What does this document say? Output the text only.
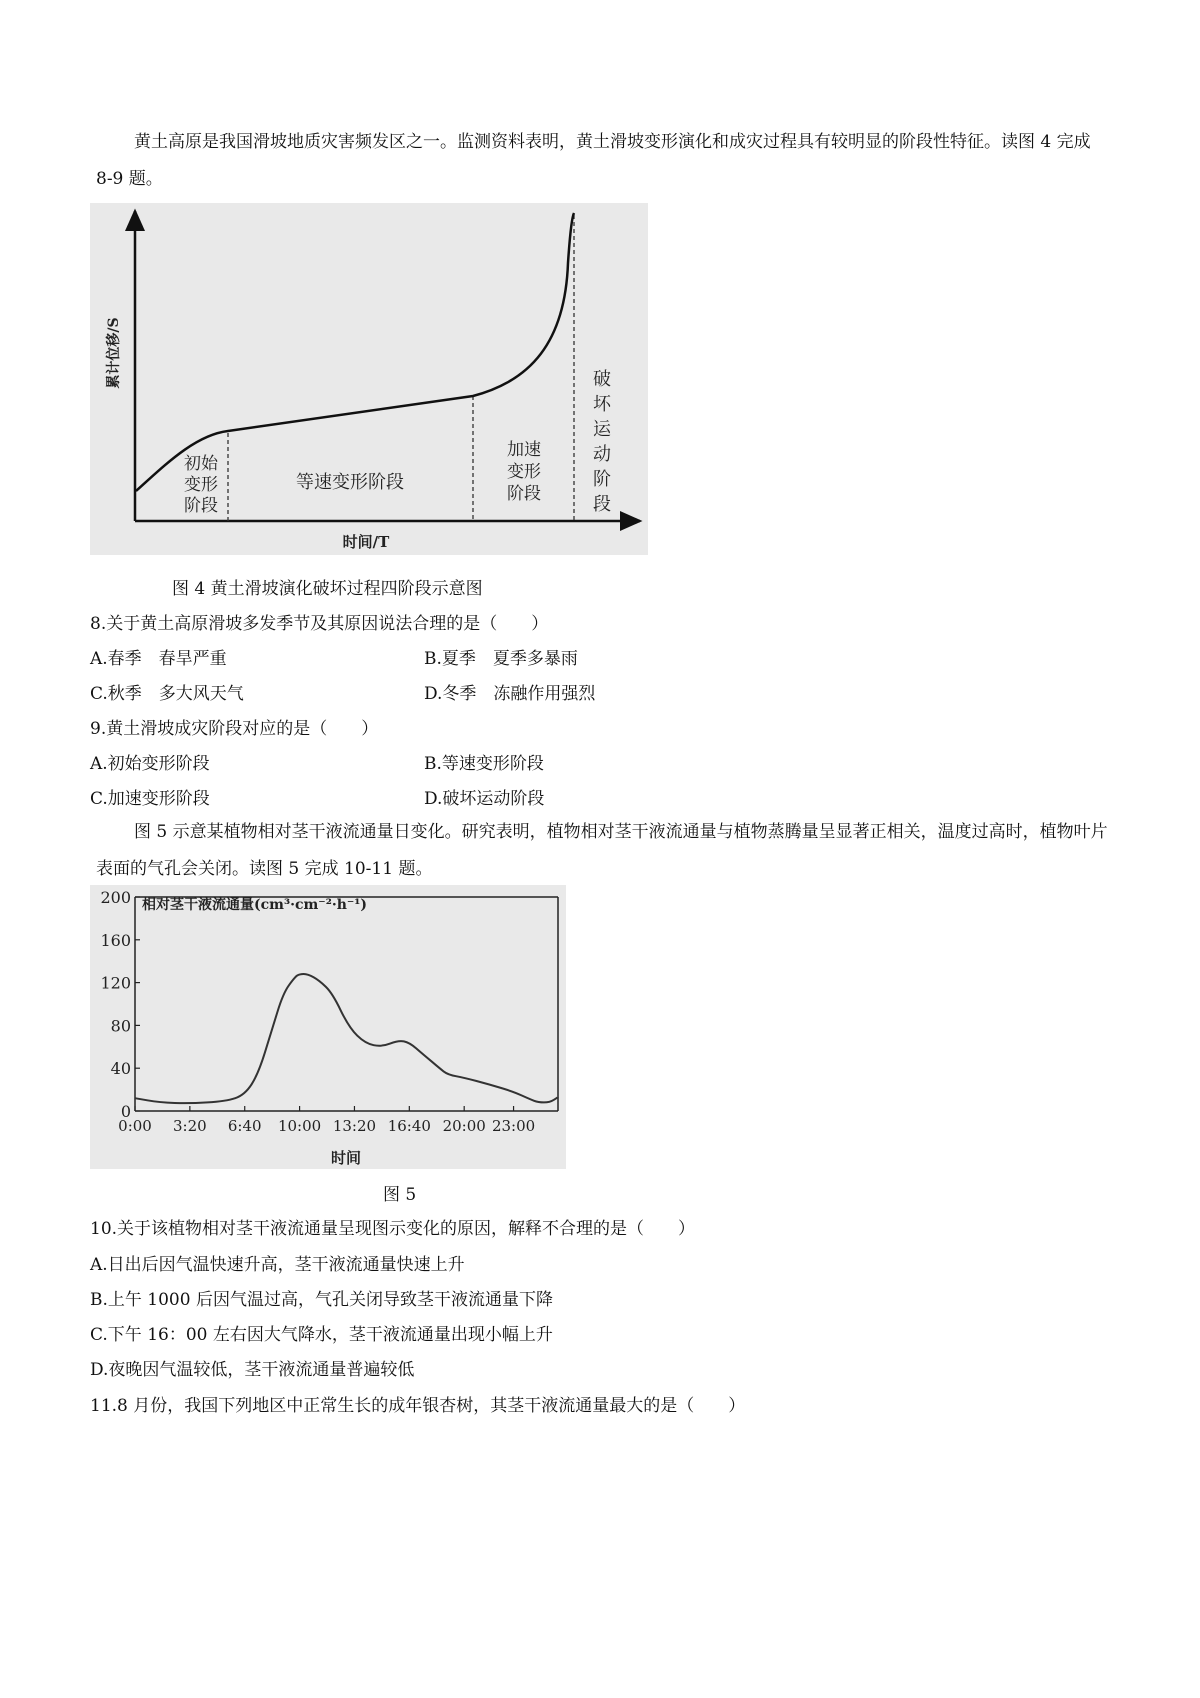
黄土高原是我国滑坡地质灾害频发区之一。监测资料表明，黄土滑坡变形演化和成灾过程具有较明显的阶段性特征。读图 4 完成 8-9 题。
累计位移/S
时间/T
初始
变形
阶段
等速变形阶段
加速
变形
阶段
破
坏
运
动
阶
段
图 4 黄土滑坡演化破坏过程四阶段示意图
8.关于黄土高原滑坡多发季节及其原因说法合理的是（　　）
A.春季　春旱严重	B.夏季　夏季多暴雨
C.秋季　多大风天气	D.冬季　冻融作用强烈
9.黄土滑坡成灾阶段对应的是（　　）
A.初始变形阶段	B.等速变形阶段
C.加速变形阶段	D.破坏运动阶段
图 5 示意某植物相对茎干液流通量日变化。研究表明，植物相对茎干液流通量与植物蒸腾量呈显著正相关，温度过高时，植物叶片表面的气孔会关闭。读图 5 完成 10-11 题。
0
40
80
120
160
200
0:00 3:20 6:40 10:00 13:20 16:40 20:00 23:00
相对茎干液流通量(cm³·cm⁻²·h⁻¹)
时间
图 5
10.关于该植物相对茎干液流通量呈现图示变化的原因，解释不合理的是（　　）
A.日出后因气温快速升高，茎干液流通量快速上升
B.上午 1000 后因气温过高，气孔关闭导致茎干液流通量下降
C.下午 16：00 左右因大气降水，茎干液流通量出现小幅上升
D.夜晚因气温较低，茎干液流通量普遍较低
11.8 月份，我国下列地区中正常生长的成年银杏树，其茎干液流通量最大的是（　　）
